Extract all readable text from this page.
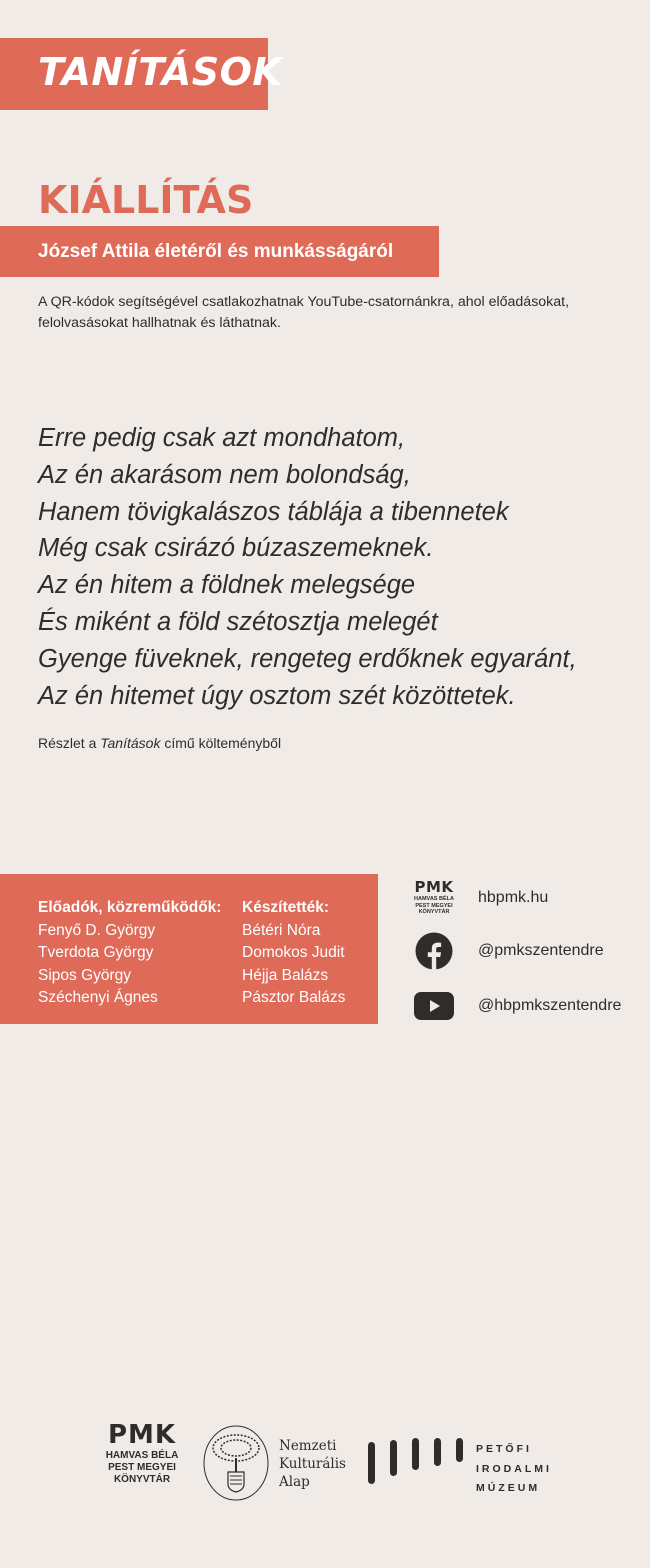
TANÍTÁSOK
KIÁLLÍTÁS
József Attila életéről és munkásságáról
A QR-kódok segítségével csatlakozhatnak YouTube-csatornánkra, ahol előadásokat,
felolvasásokat hallhatnak és láthatnak.
Erre pedig csak azt mondhatom,
Az én akarásom nem bolondság,
Hanem tövigkalászos táblája a tibennetek
Még csak csirázó búzaszemeknek.
Az én hitem a földnek melegsége
És miként a föld szétosztja melegét
Gyenge füveknek, rengeteg erdőknek egyaránt,
Az én hitemet úgy osztom szét közöttetek.
Részlet a Tanítások című költeményből
Előadók, közreműködők:
Fenyő D. György
Tverdota György
Sipos György
Széchenyi Ágnes
Készítették:
Bétéri Nóra
Domokos Judit
Héjja Balázs
Pásztor Balázs
PMK
HAMVAS BÉLA
PEST MEGYEI
KÖNYVTÁR
hbpmk.hu
@pmkszentendre
@hbpmkszentendre
PMK
HAMVAS BÉLA
PEST MEGYEI
KÖNYVTÁR
Nemzeti
Kulturális
Alap
PETŐFI
IRODALMI
MÚZEUM
